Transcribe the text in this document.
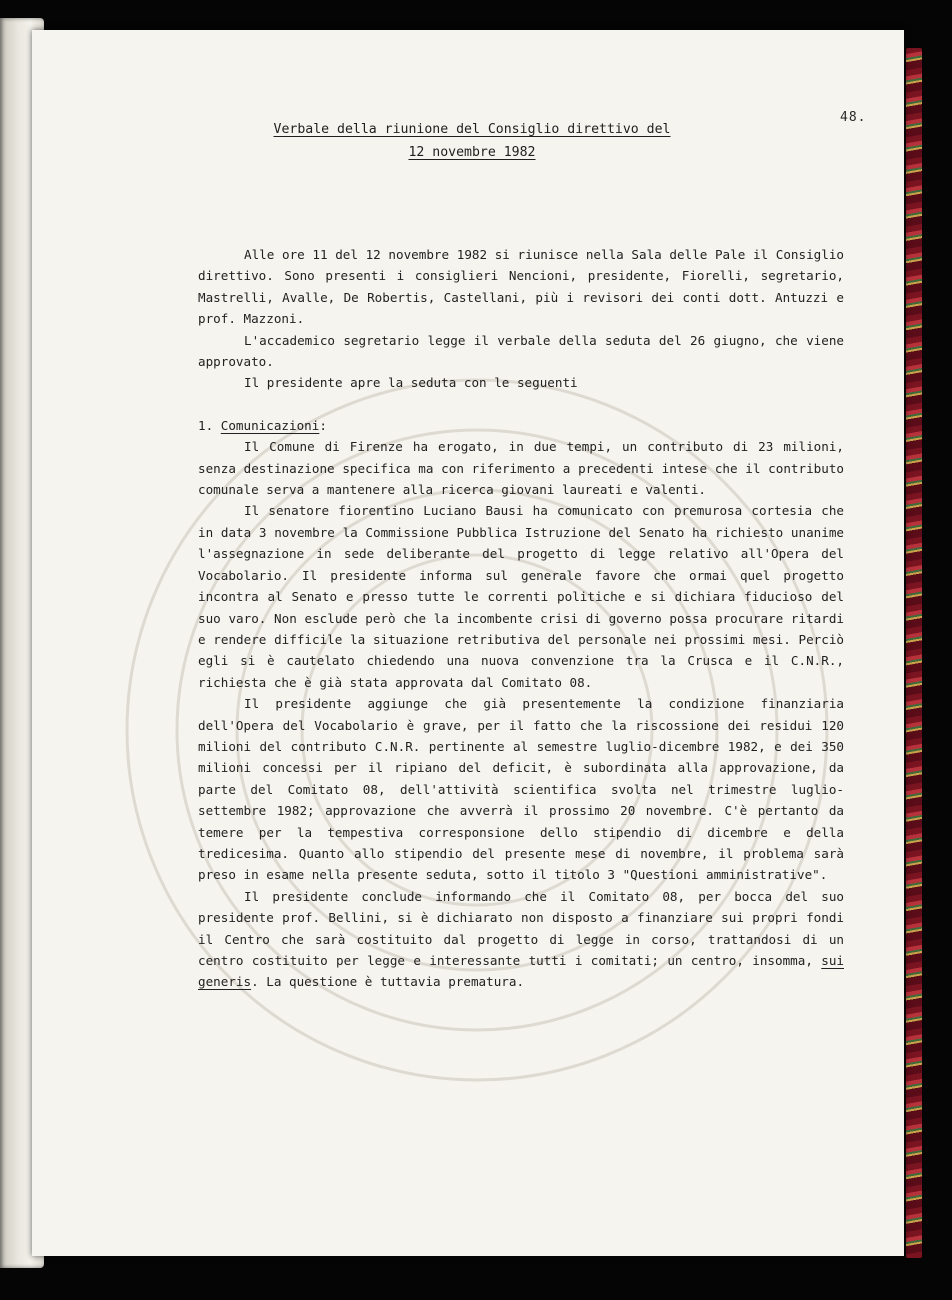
48.
Verbale della riunione del Consiglio direttivo del
12 novembre 1982

Alle ore 11 del 12 novembre 1982 si riunisce nella Sala delle Pale il Consiglio direttivo. Sono presenti i consiglieri Nencioni, presidente, Fiorelli, segretario, Mastrelli, Avalle, De Robertis, Castellani, più i revisori dei conti dott. Antuzzi e prof. Mazzoni.

L'accademico segretario legge il verbale della seduta del 26 giugno, che viene approvato.

Il presidente apre la seduta con le seguenti

1. Comunicazioni:

Il Comune di Firenze ha erogato, in due tempi, un contributo di 23 milioni, senza destinazione specifica ma con riferimento a precedenti intese che il contributo comunale serva a mantenere alla ricerca giovani laureati e valenti.

Il senatore fiorentino Luciano Bausi ha comunicato con premurosa cortesia che in data 3 novembre la Commissione Pubblica Istruzione del Senato ha richiesto unanime l'assegnazione in sede deliberante del progetto di legge relativo all'Opera del Vocabolario. Il presidente informa sul generale favore che ormai quel progetto incontra al Senato e presso tutte le correnti politiche e si dichiara fiducioso del suo varo. Non esclude però che la incombente crisi di governo possa procurare ritardi e rendere difficile la situazione retributiva del personale nei prossimi mesi. Perciò egli si è cautelato chiedendo una nuova convenzione tra la Crusca e il C.N.R., richiesta che è già stata approvata dal Comitato 08.

Il presidente aggiunge che già presentemente la condizione finanziaria dell'Opera del Vocabolario è grave, per il fatto che la riscossione dei residui 120 milioni del contributo C.N.R. pertinente al semestre luglio-dicembre 1982, e dei 350 milioni concessi per il ripiano del deficit, è subordinata alla approvazione, da parte del Comitato 08, dell'attività scientifica svolta nel trimestre luglio-settembre 1982; approvazione che avverrà il prossimo 20 novembre. C'è pertanto da temere per la tempestiva corresponsione dello stipendio di dicembre e della tredicesima. Quanto allo stipendio del presente mese di novembre, il problema sarà preso in esame nella presente seduta, sotto il titolo 3 "Questioni amministrative".

Il presidente conclude informando che il Comitato 08, per bocca del suo presidente prof. Bellini, si è dichiarato non disposto a finanziare sui propri fondi il Centro che sarà costituito dal progetto di legge in corso, trattandosi di un centro costituito per legge e interessante tutti i comitati; un centro, insomma, sui generis. La questione è tuttavia prematura.
